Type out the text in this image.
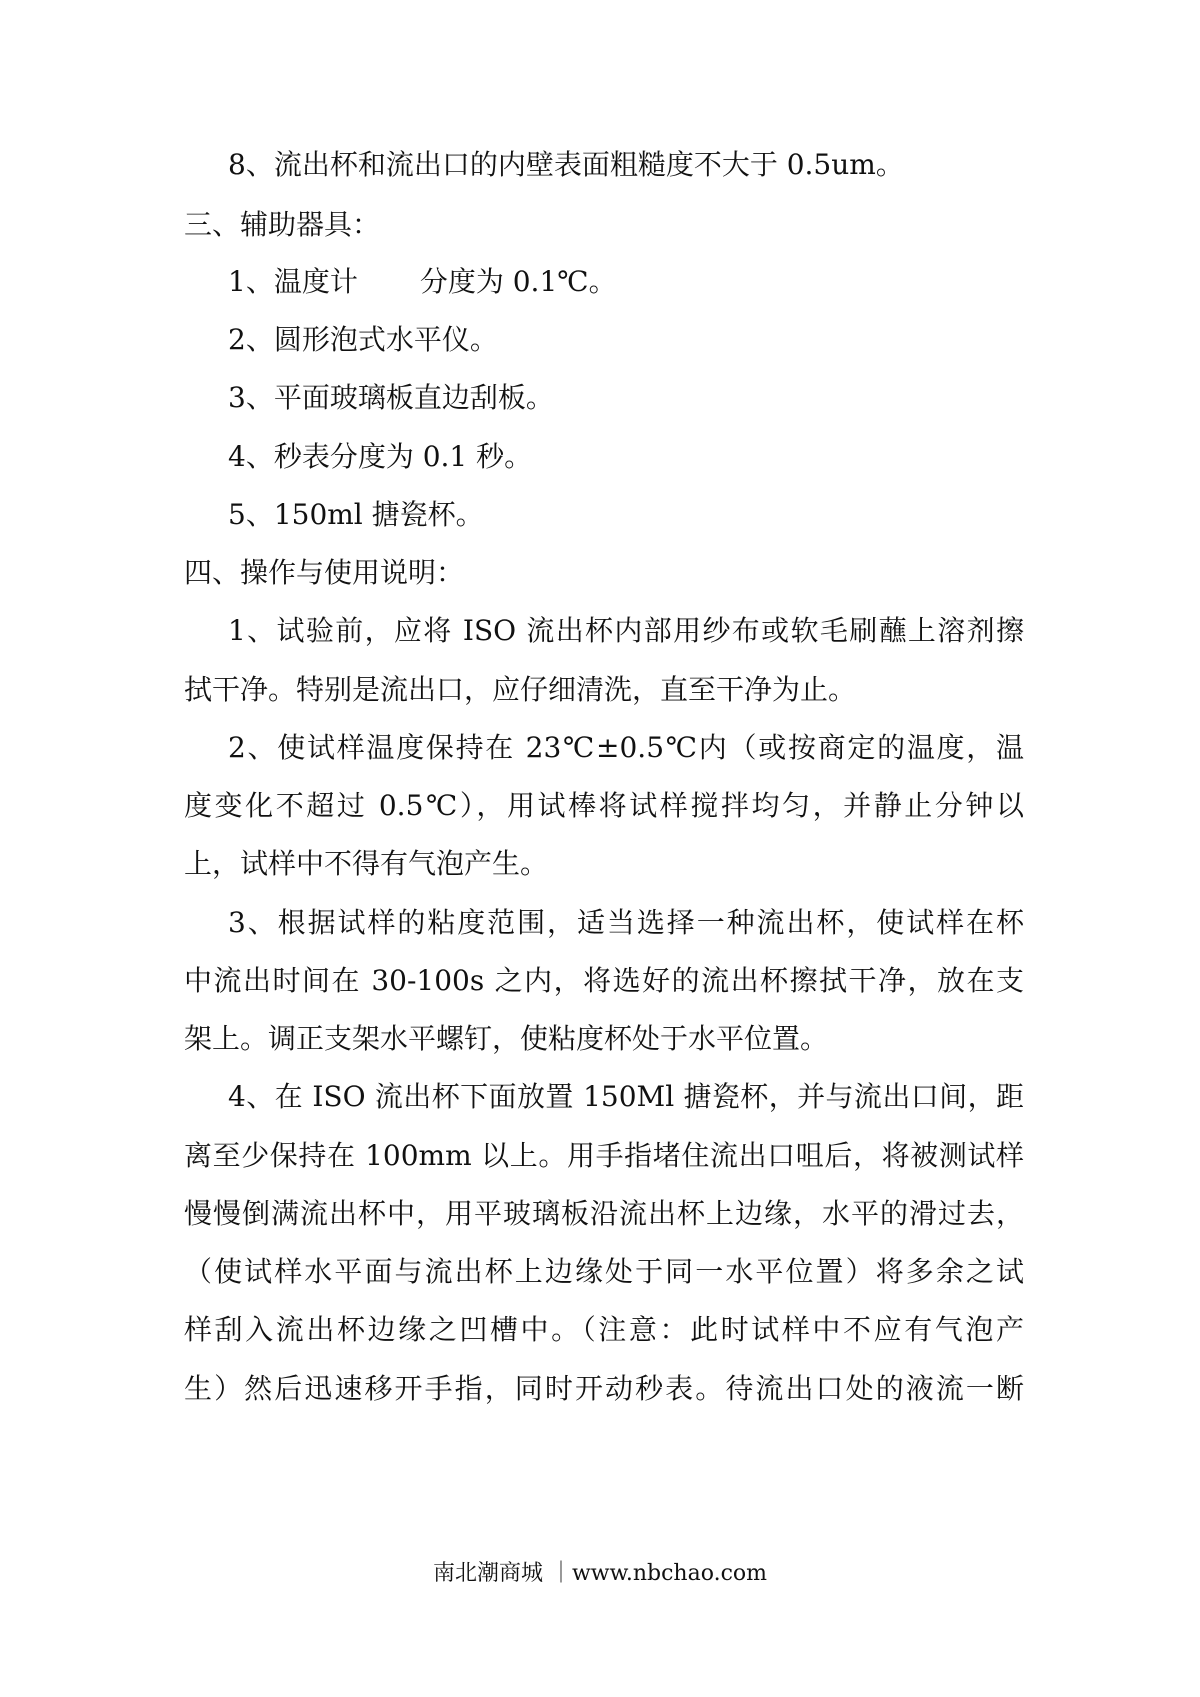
8、流出杯和流出口的内壁表面粗糙度不大于 0.5um。
三、辅助器具：
1、温度计 分度为 0.1℃。
2、圆形泡式水平仪。
3、平面玻璃板直边刮板。
4、秒表分度为 0.1 秒。
5、150ml 搪瓷杯。
四、操作与使用说明：
1、试验前，应将 ISO 流出杯内部用纱布或软毛刷蘸上溶剂擦
拭干净。特别是流出口，应仔细清洗，直至干净为止。
2、使试样温度保持在 23℃±0.5℃内（或按商定的温度，温
度变化不超过 0.5℃），用试棒将试样搅拌均匀，并静止分钟以
上，试样中不得有气泡产生。
3、根据试样的粘度范围，适当选择一种流出杯，使试样在杯
中流出时间在 30-100s 之内，将选好的流出杯擦拭干净，放在支
架上。调正支架水平螺钉，使粘度杯处于水平位置。
4、在 ISO 流出杯下面放置 150Ml 搪瓷杯，并与流出口间，距
离至少保持在 100mm 以上。用手指堵住流出口咀后，将被测试样
慢慢倒满流出杯中，用平玻璃板沿流出杯上边缘，水平的滑过去，
（使试样水平面与流出杯上边缘处于同一水平位置）将多余之试
样刮入流出杯边缘之凹槽中。（注意：此时试样中不应有气泡产
生）然后迅速移开手指，同时开动秒表。待流出口处的液流一断
南北潮商城 ｜www.nbchao.com
